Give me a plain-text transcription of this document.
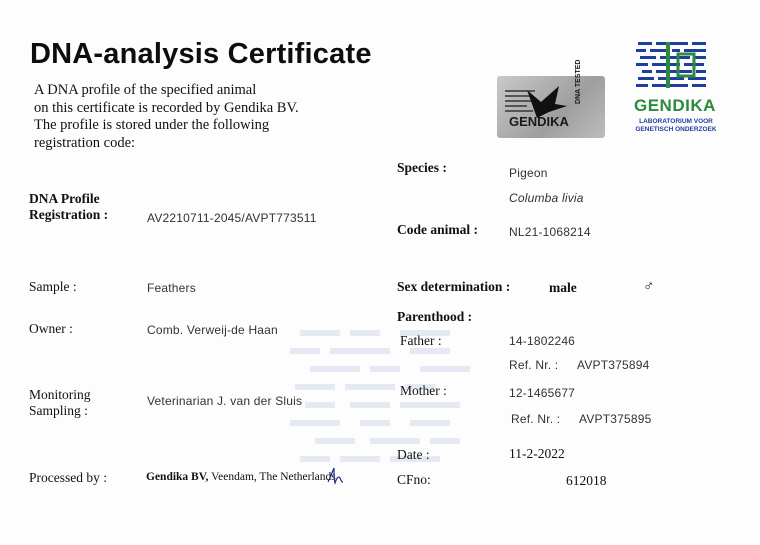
DNA-analysis Certificate
A DNA profile of the specified animal
on this certificate is recorded by Gendika BV.
The profile is stored under the following
registration code:
GENDIKA
DNA TESTED
GENDIKA
LABORATORIUM VOOR
GENETISCH ONDERZOEK
DNA Profile
Registration :	AV2210711-2045/AVPT773511
Sample :	Feathers
Owner :	Comb. Verweij-de Haan
Monitoring
Sampling :
Veterinarian J. van der Sluis
Processed by :	Gendika BV, Veendam, The Netherlands
Species :	Pigeon
Columba livia
Code animal :	NL21-1068214
Sex determination :	male	♂
Parenthood :
Father :	14-1802246
Ref. Nr. : AVPT375894
Mother :	12-1465677
Ref. Nr. : AVPT375895
Date :	11-2-2022
CFno:	612018
